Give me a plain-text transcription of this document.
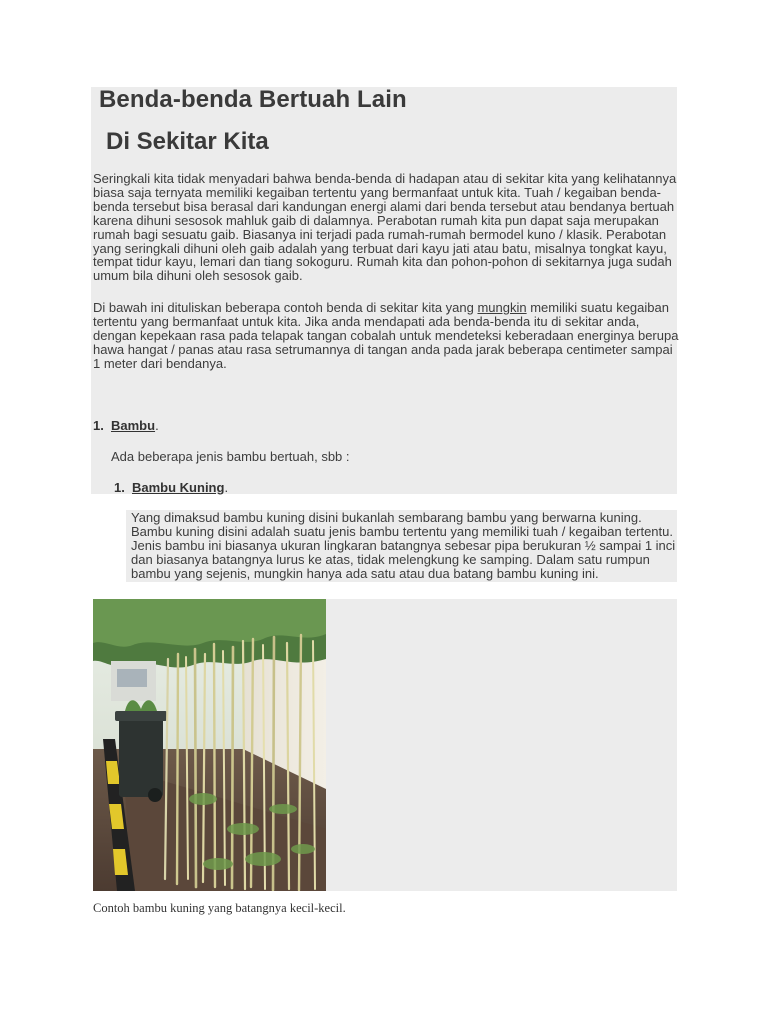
Benda-benda Bertuah Lain
Di Sekitar Kita

Seringkali kita tidak menyadari bahwa benda-benda di hadapan atau di sekitar kita yang kelihatannya biasa saja ternyata memiliki kegaiban tertentu yang bermanfaat untuk kita. Tuah / kegaiban benda-benda tersebut bisa berasal dari kandungan energi alami dari benda tersebut atau bendanya bertuah karena dihuni sesosok mahluk gaib di dalamnya. Perabotan rumah kita pun dapat saja merupakan rumah bagi sesuatu gaib. Biasanya ini terjadi pada rumah-rumah bermodel kuno / klasik. Perabotan yang seringkali dihuni oleh gaib adalah yang terbuat dari kayu jati atau batu, misalnya tongkat kayu, tempat tidur kayu, lemari dan tiang sokoguru. Rumah kita dan pohon-pohon di sekitarnya juga sudah umum bila dihuni oleh sesosok gaib.

Di bawah ini dituliskan beberapa contoh benda di sekitar kita yang mungkin memiliki suatu kegaiban tertentu yang bermanfaat untuk kita. Jika anda mendapati ada benda-benda itu di sekitar anda, dengan kepekaan rasa pada telapak tangan cobalah untuk mendeteksi keberadaan energinya berupa hawa hangat / panas atau rasa setrumannya di tangan anda pada jarak beberapa centimeter sampai 1 meter dari bendanya.

1. Bambu.
Ada beberapa jenis bambu bertuah, sbb :
1. Bambu Kuning.

Yang dimaksud bambu kuning disini bukanlah sembarang bambu yang berwarna kuning. Bambu kuning disini adalah suatu jenis bambu tertentu yang memiliki tuah / kegaiban tertentu. Jenis bambu ini biasanya ukuran lingkaran batangnya sebesar pipa berukuran ½ sampai 1 inci dan biasanya batangnya lurus ke atas, tidak melengkung ke samping. Dalam satu rumpun bambu yang sejenis, mungkin hanya ada satu atau dua batang bambu kuning ini.

Contoh bambu kuning yang batangnya kecil-kecil.
